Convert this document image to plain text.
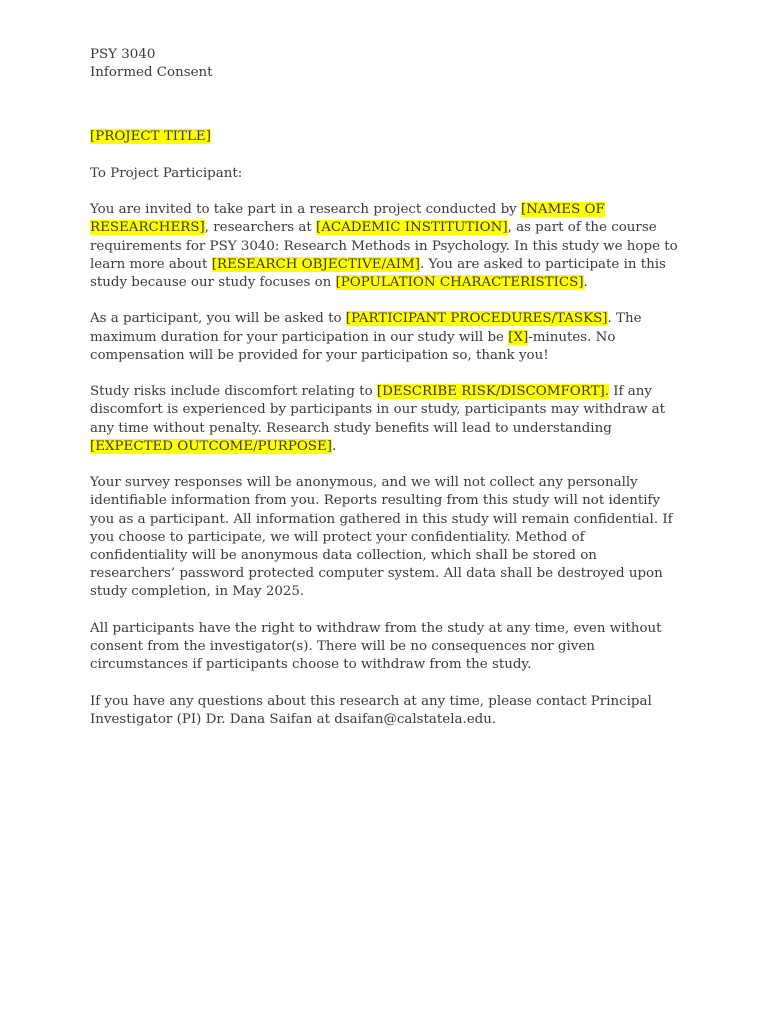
PSY 3040
Informed Consent

[PROJECT TITLE]

To Project Participant:

You are invited to take part in a research project conducted by [NAMES OF RESEARCHERS], researchers at [ACADEMIC INSTITUTION], as part of the course requirements for PSY 3040: Research Methods in Psychology. In this study we hope to learn more about [RESEARCH OBJECTIVE/AIM]. You are asked to participate in this study because our study focuses on [POPULATION CHARACTERISTICS].

As a participant, you will be asked to [PARTICIPANT PROCEDURES/TASKS]. The maximum duration for your participation in our study will be [X]-minutes. No compensation will be provided for your participation so, thank you!

Study risks include discomfort relating to [DESCRIBE RISK/DISCOMFORT]. If any discomfort is experienced by participants in our study, participants may withdraw at any time without penalty. Research study benefits will lead to understanding [EXPECTED OUTCOME/PURPOSE].

Your survey responses will be anonymous, and we will not collect any personally identifiable information from you. Reports resulting from this study will not identify you as a participant. All information gathered in this study will remain confidential. If you choose to participate, we will protect your confidentiality. Method of confidentiality will be anonymous data collection, which shall be stored on researchers’ password protected computer system. All data shall be destroyed upon study completion, in May 2025.

All participants have the right to withdraw from the study at any time, even without consent from the investigator(s). There will be no consequences nor given circumstances if participants choose to withdraw from the study.

If you have any questions about this research at any time, please contact Principal Investigator (PI) Dr. Dana Saifan at dsaifan@calstatela.edu.
